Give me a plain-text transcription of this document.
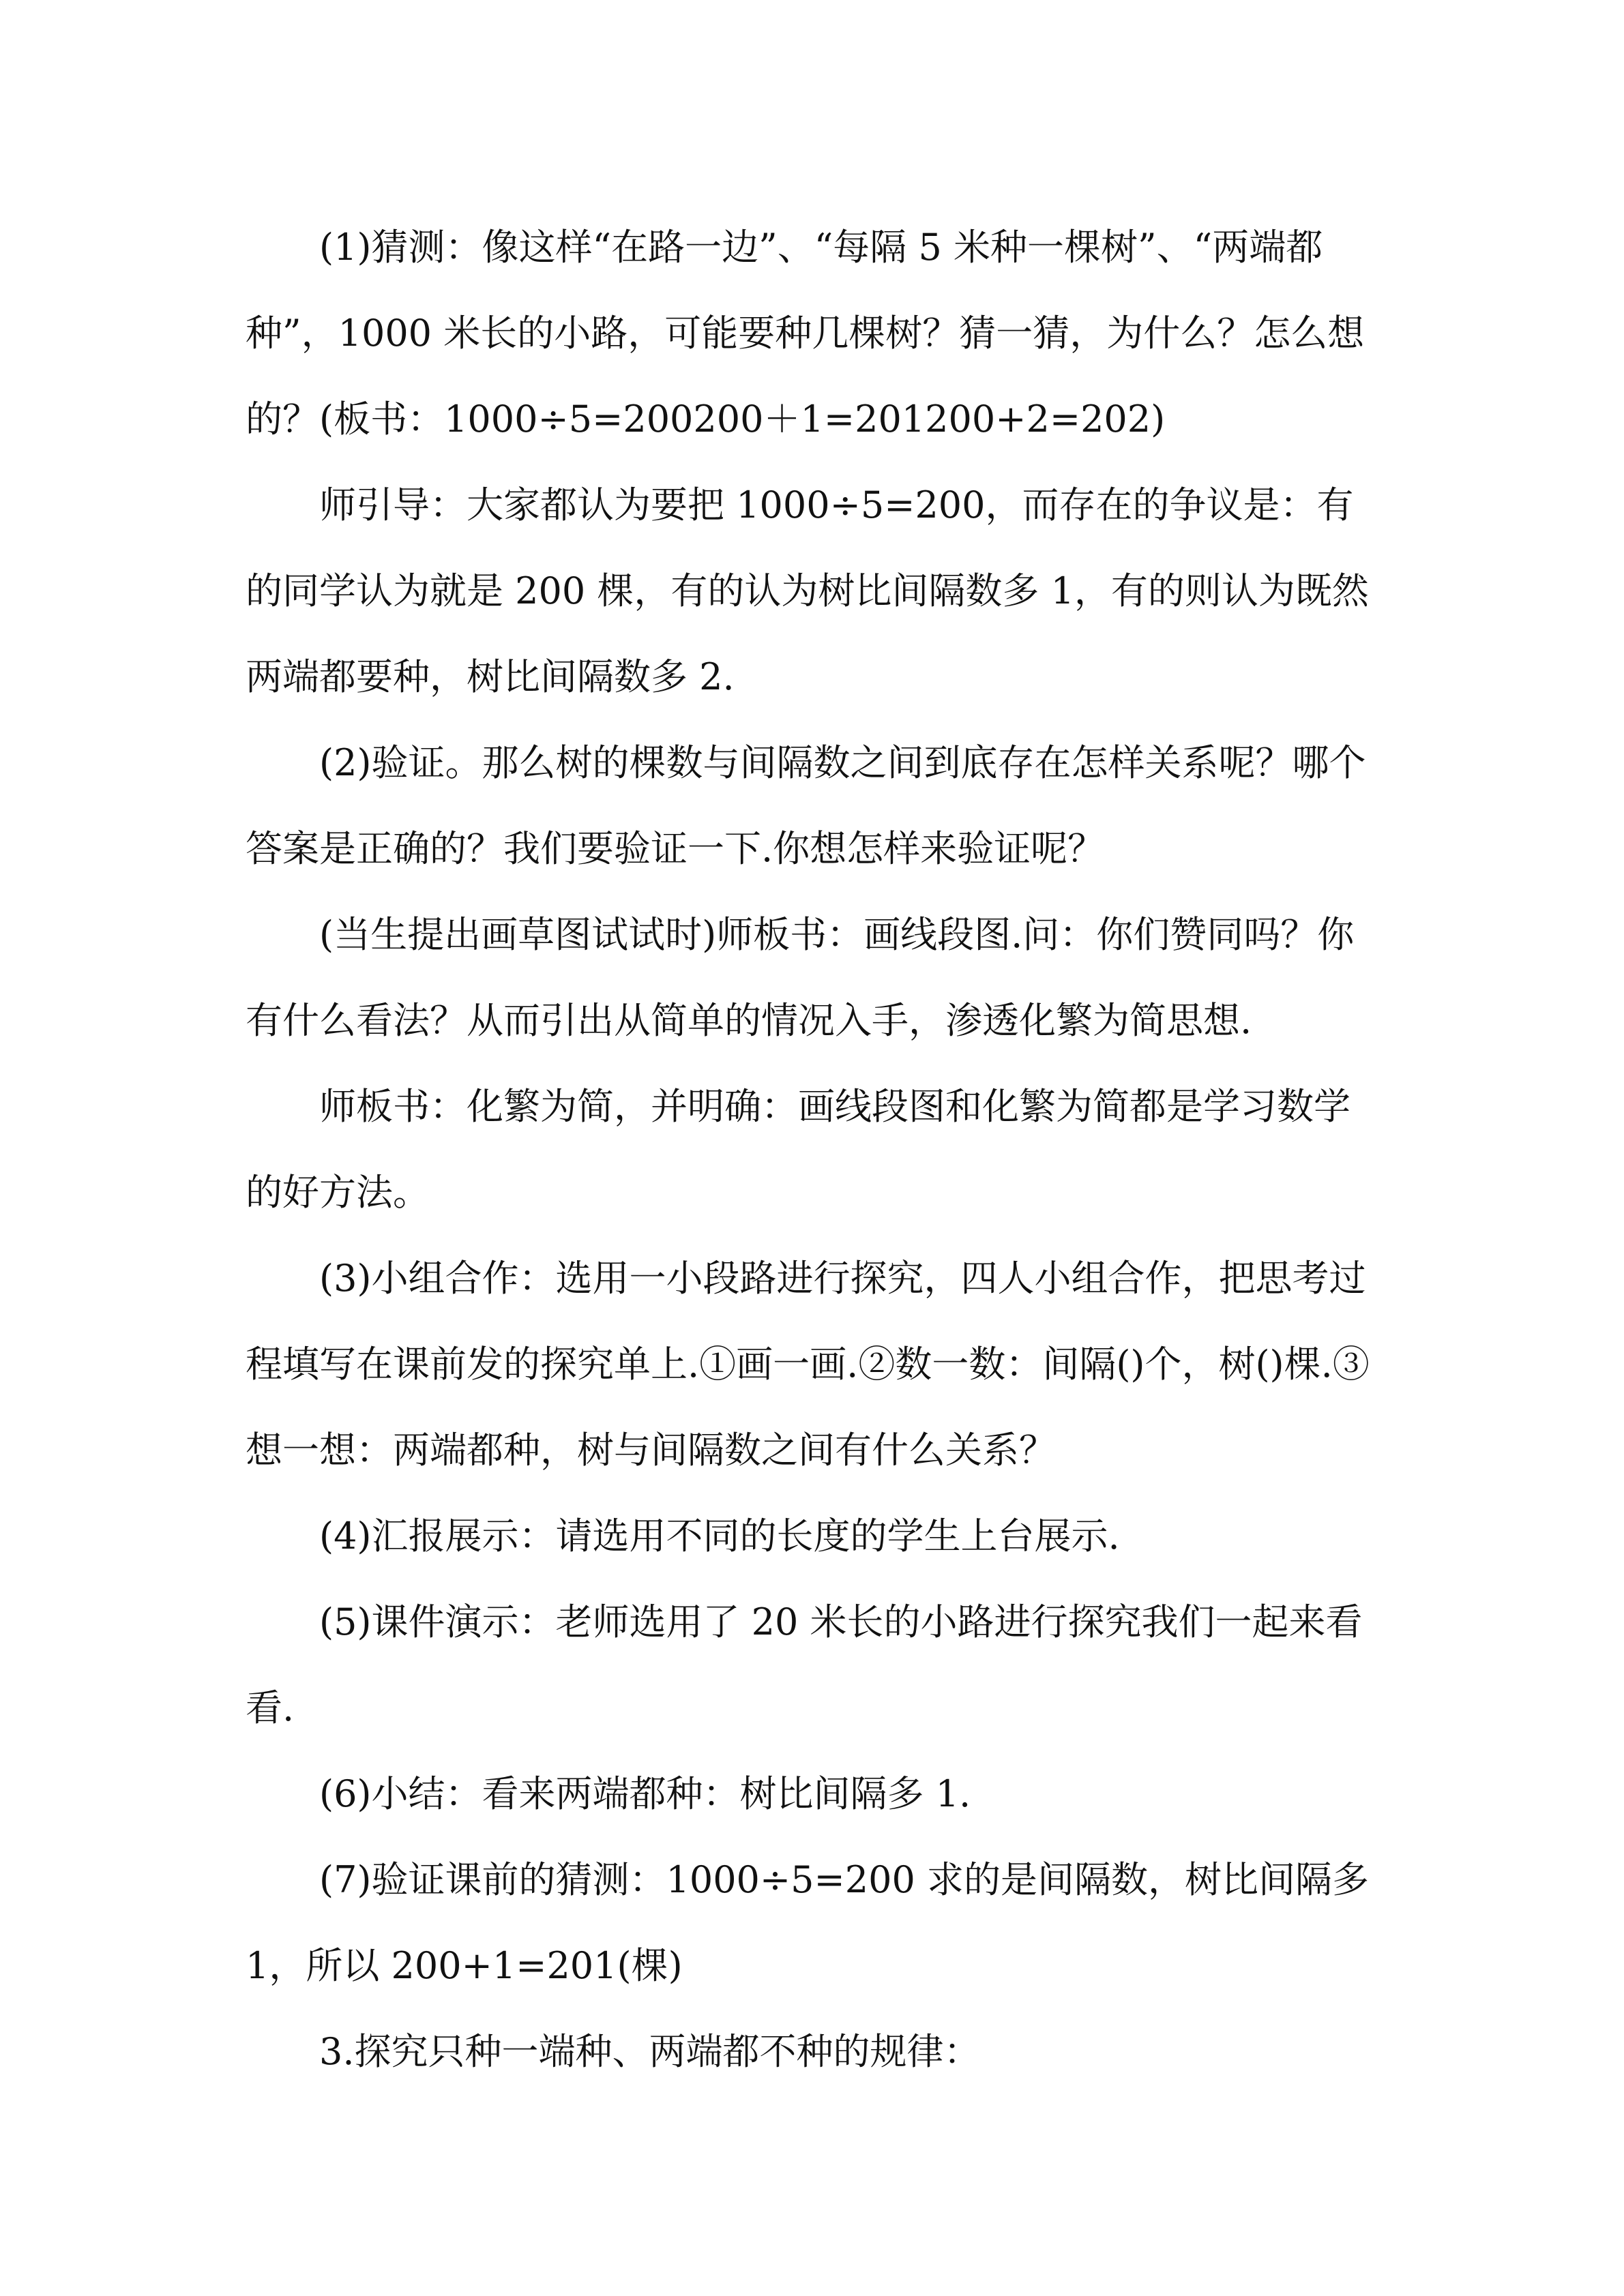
(1)猜测：像这样“在路一边”、“每隔 5 米种一棵树”、“两端都种”，1000 米长的小路，可能要种几棵树？猜一猜，为什么？怎么想的？(板书：1000÷5=200200＋1=201200+2=202)

师引导：大家都认为要把 1000÷5=200，而存在的争议是：有的同学认为就是 200 棵，有的认为树比间隔数多 1，有的则认为既然两端都要种，树比间隔数多 2.

(2)验证。那么树的棵数与间隔数之间到底存在怎样关系呢？哪个答案是正确的？我们要验证一下.你想怎样来验证呢？

(当生提出画草图试试时)师板书：画线段图.问：你们赞同吗？你有什么看法？从而引出从简单的情况入手，渗透化繁为简思想.

师板书：化繁为简，并明确：画线段图和化繁为简都是学习数学的好方法。

(3)小组合作：选用一小段路进行探究，四人小组合作，把思考过程填写在课前发的探究单上.①画一画.②数一数：间隔()个，树()棵.③想一想：两端都种，树与间隔数之间有什么关系？

(4)汇报展示：请选用不同的长度的学生上台展示.

(5)课件演示：老师选用了 20 米长的小路进行探究我们一起来看看.

(6)小结：看来两端都种：树比间隔多 1.

(7)验证课前的猜测：1000÷5=200 求的是间隔数，树比间隔多 1，所以 200+1=201(棵)

3.探究只种一端种、两端都不种的规律：
